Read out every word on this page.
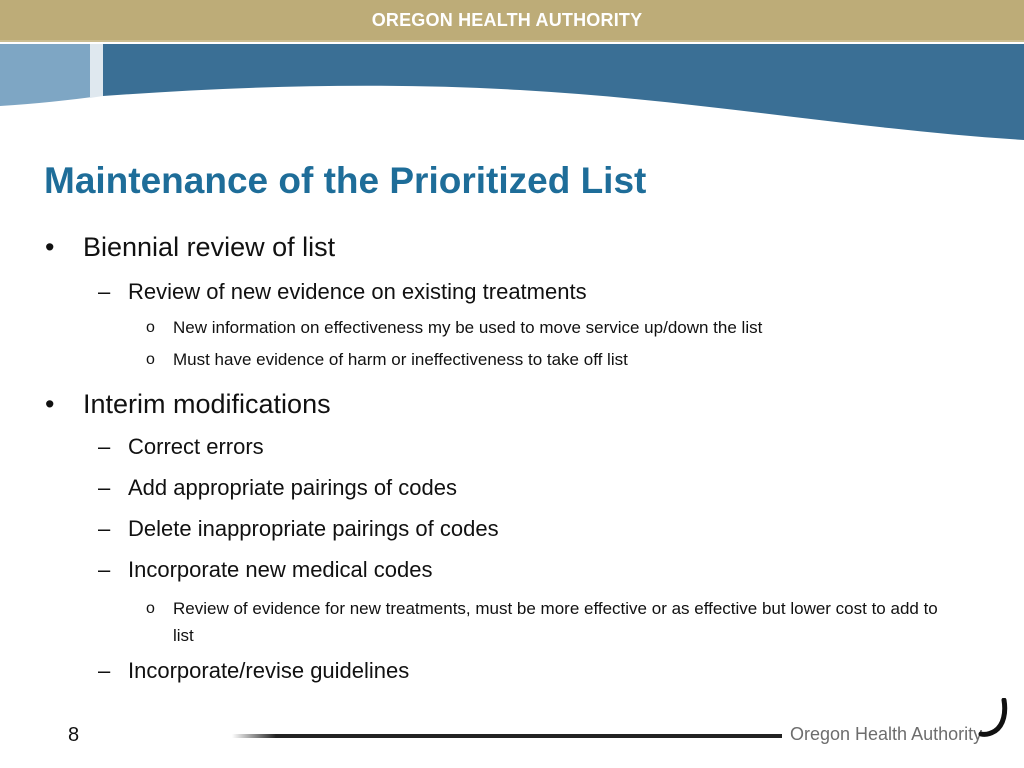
OREGON HEALTH AUTHORITY
Maintenance of the Prioritized List
• Biennial review of list
– Review of new evidence on existing treatments
o New information on effectiveness my be used to move service up/down the list
o Must have evidence of harm or ineffectiveness to take off list
• Interim modifications
– Correct errors
– Add appropriate pairings of codes
– Delete inappropriate pairings of codes
– Incorporate new medical codes
o Review of evidence for new treatments, must be more effective or as effective but lower cost to add to list
– Incorporate/revise guidelines
8	Oregon Health Authority
